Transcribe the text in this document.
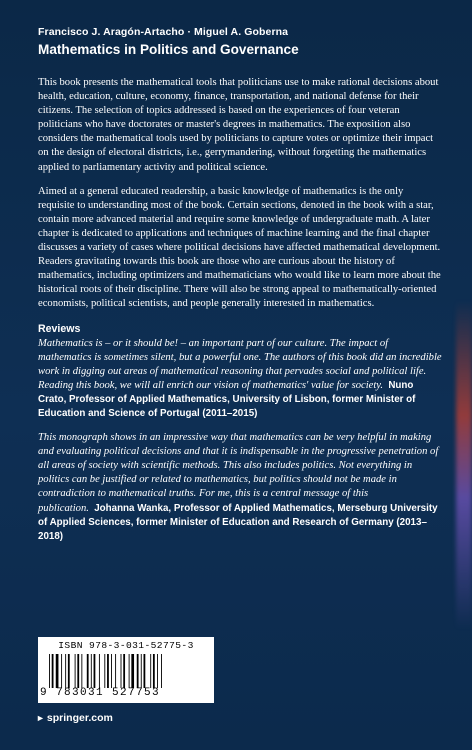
Francisco J. Aragón-Artacho · Miguel A. Goberna
Mathematics in Politics and Governance

This book presents the mathematical tools that politicians use to make rational decisions about health, education, culture, economy, finance, transportation, and national defense for their citizens. The selection of topics addressed is based on the experiences of four veteran politicians who have doctorates or master's degrees in mathematics. The exposition also considers the mathematical tools used by politicians to capture votes or optimize their impact on the design of electoral districts, i.e., gerrymandering, without forgetting the mathematics applied to parliamentary activity and political science.

Aimed at a general educated readership, a basic knowledge of mathematics is the only requisite to understanding most of the book. Certain sections, denoted in the book with a star, contain more advanced material and require some knowledge of undergraduate math. A later chapter is dedicated to applications and techniques of machine learning and the final chapter discusses a variety of cases where political decisions have affected mathematical development. Readers gravitating towards this book are those who are curious about the history of mathematics, including optimizers and mathematicians who would like to learn more about the historical roots of their discipline. There will also be strong appeal to mathematically-oriented economists, political scientists, and people generally interested in mathematics.

Reviews

Mathematics is – or it should be! – an important part of our culture. The impact of mathematics is sometimes silent, but a powerful one. The authors of this book did an incredible work in digging out areas of mathematical reasoning that pervades social and political life. Reading this book, we will all enrich our vision of mathematics' value for society. Nuno Crato, Professor of Applied Mathematics, University of Lisbon, former Minister of Education and Science of Portugal (2011–2015)

This monograph shows in an impressive way that mathematics can be very helpful in making and evaluating political decisions and that it is indispensable in the progressive penetration of all areas of society with scientific methods. This also includes politics. Not everything in politics can be justified or related to mathematics, but politics should not be made in contradiction to mathematical truths. For me, this is a central message of this publication. Johanna Wanka, Professor of Applied Mathematics, Merseburg University of Applied Sciences, former Minister of Education and Research of Germany (2013–2018)

ISBN 978-3-031-52775-3
9 783031 527753
► springer.com
